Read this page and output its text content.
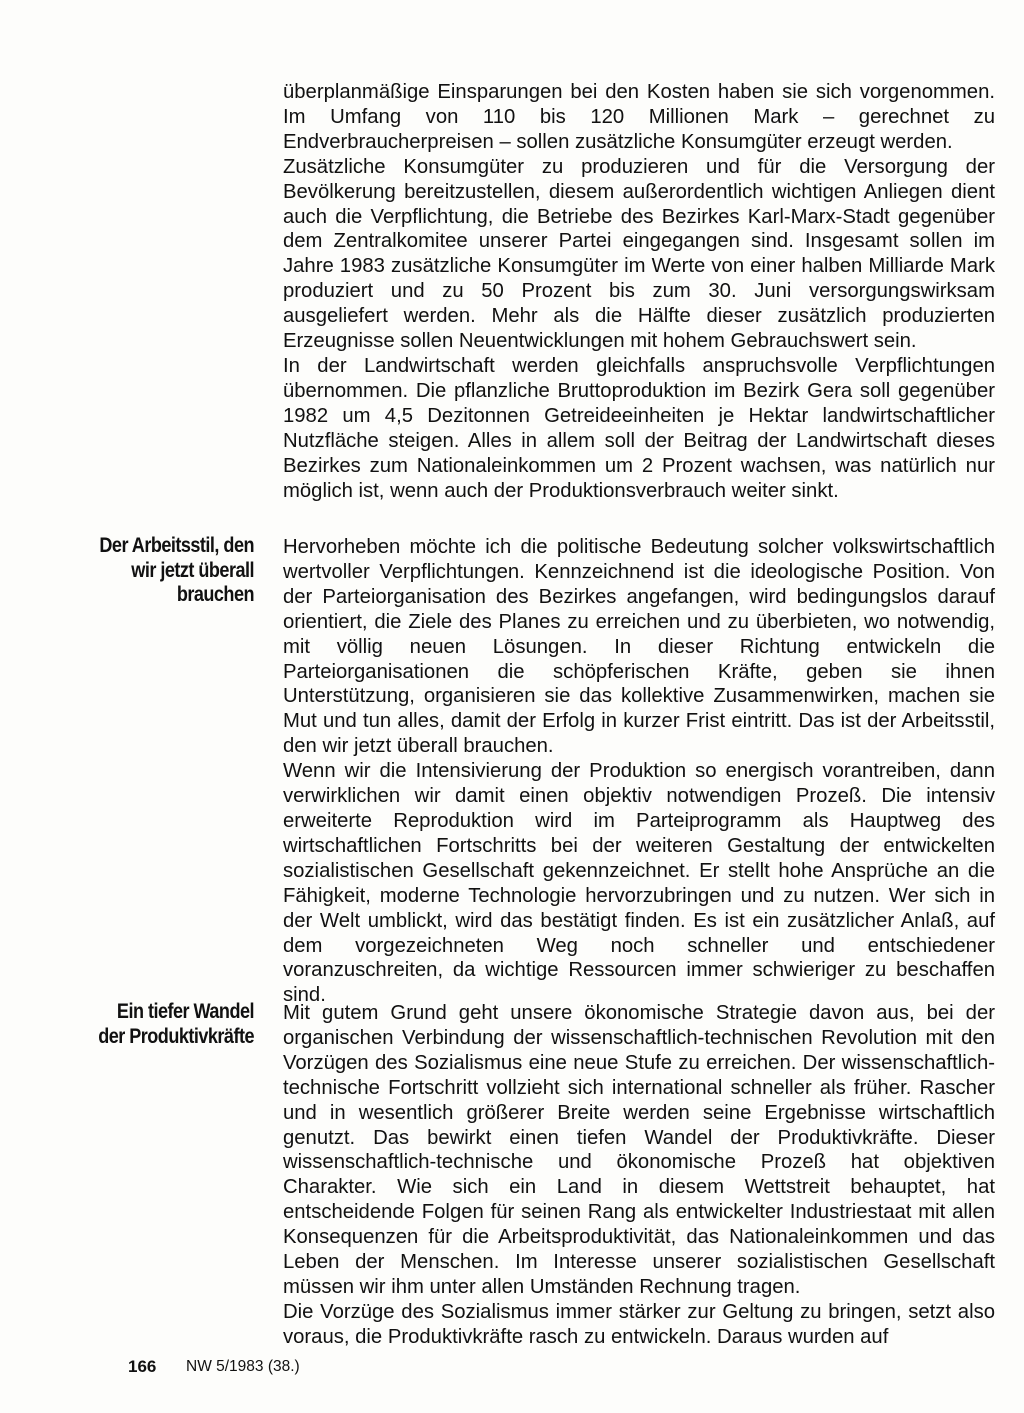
überplanmäßige Einsparungen bei den Kosten haben sie sich vorgenommen. Im Umfang von 110 bis 120 Millionen Mark – gerechnet zu Endverbraucherpreisen – sollen zusätzliche Konsumgüter erzeugt werden.

Zusätzliche Konsumgüter zu produzieren und für die Versorgung der Bevölkerung bereitzustellen, diesem außerordentlich wichtigen Anliegen dient auch die Verpflichtung, die Betriebe des Bezirkes Karl-Marx-Stadt gegenüber dem Zentralkomitee unserer Partei eingegangen sind. Insgesamt sollen im Jahre 1983 zusätzliche Konsumgüter im Werte von einer halben Milliarde Mark produziert und zu 50 Prozent bis zum 30. Juni versorgungswirksam ausgeliefert werden. Mehr als die Hälfte dieser zusätzlich produzierten Erzeugnisse sollen Neuentwicklungen mit hohem Gebrauchswert sein.

In der Landwirtschaft werden gleichfalls anspruchsvolle Verpflichtungen übernommen. Die pflanzliche Bruttoproduktion im Bezirk Gera soll gegenüber 1982 um 4,5 Dezitonnen Getreideeinheiten je Hektar landwirtschaftlicher Nutzfläche steigen. Alles in allem soll der Beitrag der Landwirtschaft dieses Bezirkes zum Nationaleinkommen um 2 Prozent wachsen, was natürlich nur möglich ist, wenn auch der Produktionsverbrauch weiter sinkt.

Der Arbeitsstil, den wir jetzt überall brauchen

Hervorheben möchte ich die politische Bedeutung solcher volkswirtschaftlich wertvoller Verpflichtungen. Kennzeichnend ist die ideologische Position. Von der Parteiorganisation des Bezirkes angefangen, wird bedingungslos darauf orientiert, die Ziele des Planes zu erreichen und zu überbieten, wo notwendig, mit völlig neuen Lösungen. In dieser Richtung entwickeln die Parteiorganisationen die schöpferischen Kräfte, geben sie ihnen Unterstützung, organisieren sie das kollektive Zusammenwirken, machen sie Mut und tun alles, damit der Erfolg in kurzer Frist eintritt. Das ist der Arbeitsstil, den wir jetzt überall brauchen.

Wenn wir die Intensivierung der Produktion so energisch vorantreiben, dann verwirklichen wir damit einen objektiv notwendigen Prozeß. Die intensiv erweiterte Reproduktion wird im Parteiprogramm als Hauptweg des wirtschaftlichen Fortschritts bei der weiteren Gestaltung der entwickelten sozialistischen Gesellschaft gekennzeichnet. Er stellt hohe Ansprüche an die Fähigkeit, moderne Technologie hervorzubringen und zu nutzen. Wer sich in der Welt umblickt, wird das bestätigt finden. Es ist ein zusätzlicher Anlaß, auf dem vorgezeichneten Weg noch schneller und entschiedener voranzuschreiten, da wichtige Ressourcen immer schwieriger zu beschaffen sind.

Ein tiefer Wandel der Produktivkräfte

Mit gutem Grund geht unsere ökonomische Strategie davon aus, bei der organischen Verbindung der wissenschaftlich-technischen Revolution mit den Vorzügen des Sozialismus eine neue Stufe zu erreichen. Der wissenschaftlich-technische Fortschritt vollzieht sich international schneller als früher. Rascher und in wesentlich größerer Breite werden seine Ergebnisse wirtschaftlich genutzt. Das bewirkt einen tiefen Wandel der Produktivkräfte. Dieser wissenschaftlich-technische und ökonomische Prozeß hat objektiven Charakter. Wie sich ein Land in diesem Wettstreit behauptet, hat entscheidende Folgen für seinen Rang als entwickelter Industriestaat mit allen Konsequenzen für die Arbeitsproduktivität, das Nationaleinkommen und das Leben der Menschen. Im Interesse unserer sozialistischen Gesellschaft müssen wir ihm unter allen Umständen Rechnung tragen.

Die Vorzüge des Sozialismus immer stärker zur Geltung zu bringen, setzt also voraus, die Produktivkräfte rasch zu entwickeln. Daraus wurden auf

166 NW 5/1983 (38.)
